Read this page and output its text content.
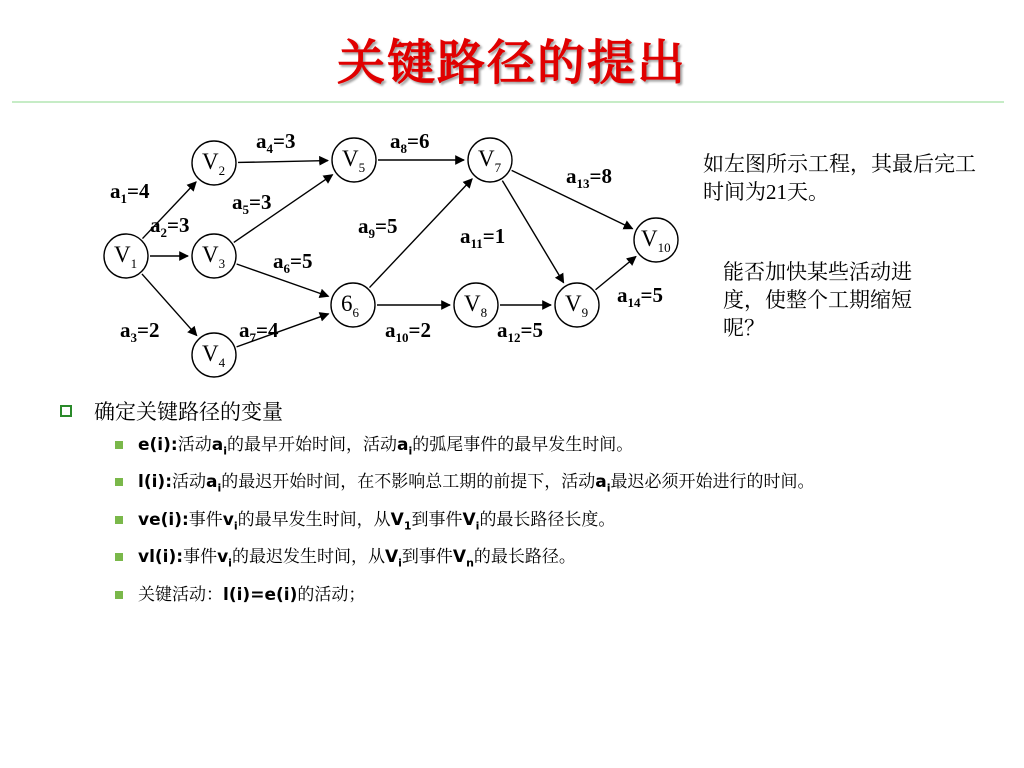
关键路径的提出
$V_1$
$V_2$
$V_3$
$V_4$
$V_5$
$6_6$
$V_7$
$V_8$	$V_9$
$V_{10}$
$a_1=4$
$a_2=3$
$a_3=2$
$a_4=3$
$a_5=3$
$a_6=5$
$a_7=4$
$a_8=6$
$a_9=5$
$a_{10}=2$
$a_{11}=1$
$a_{12}=5$
$a_{13}=8$
$a_{14}=5$
如左图所示工程，其最后完工时间为21天。
能否加快某些活动进度，使整个工期缩短呢？
确定关键路径的变量
e(i):活动$a_i$的最早开始时间，活动$a_i$的弧尾事件的最早发生时间。
l(i):活动$a_i$的最迟开始时间，在不影响总工期的前提下，活动$a_i$最迟必须开始进行的时间。
ve(i):事件$v_i$的最早发生时间，从$V_1$到事件$V_i$的最长路径长度。
vl(i):事件$v_i$的最迟发生时间，从$V_i$到事件$V_n$的最长路径。
关键活动：l(i)=e(i)的活动；
